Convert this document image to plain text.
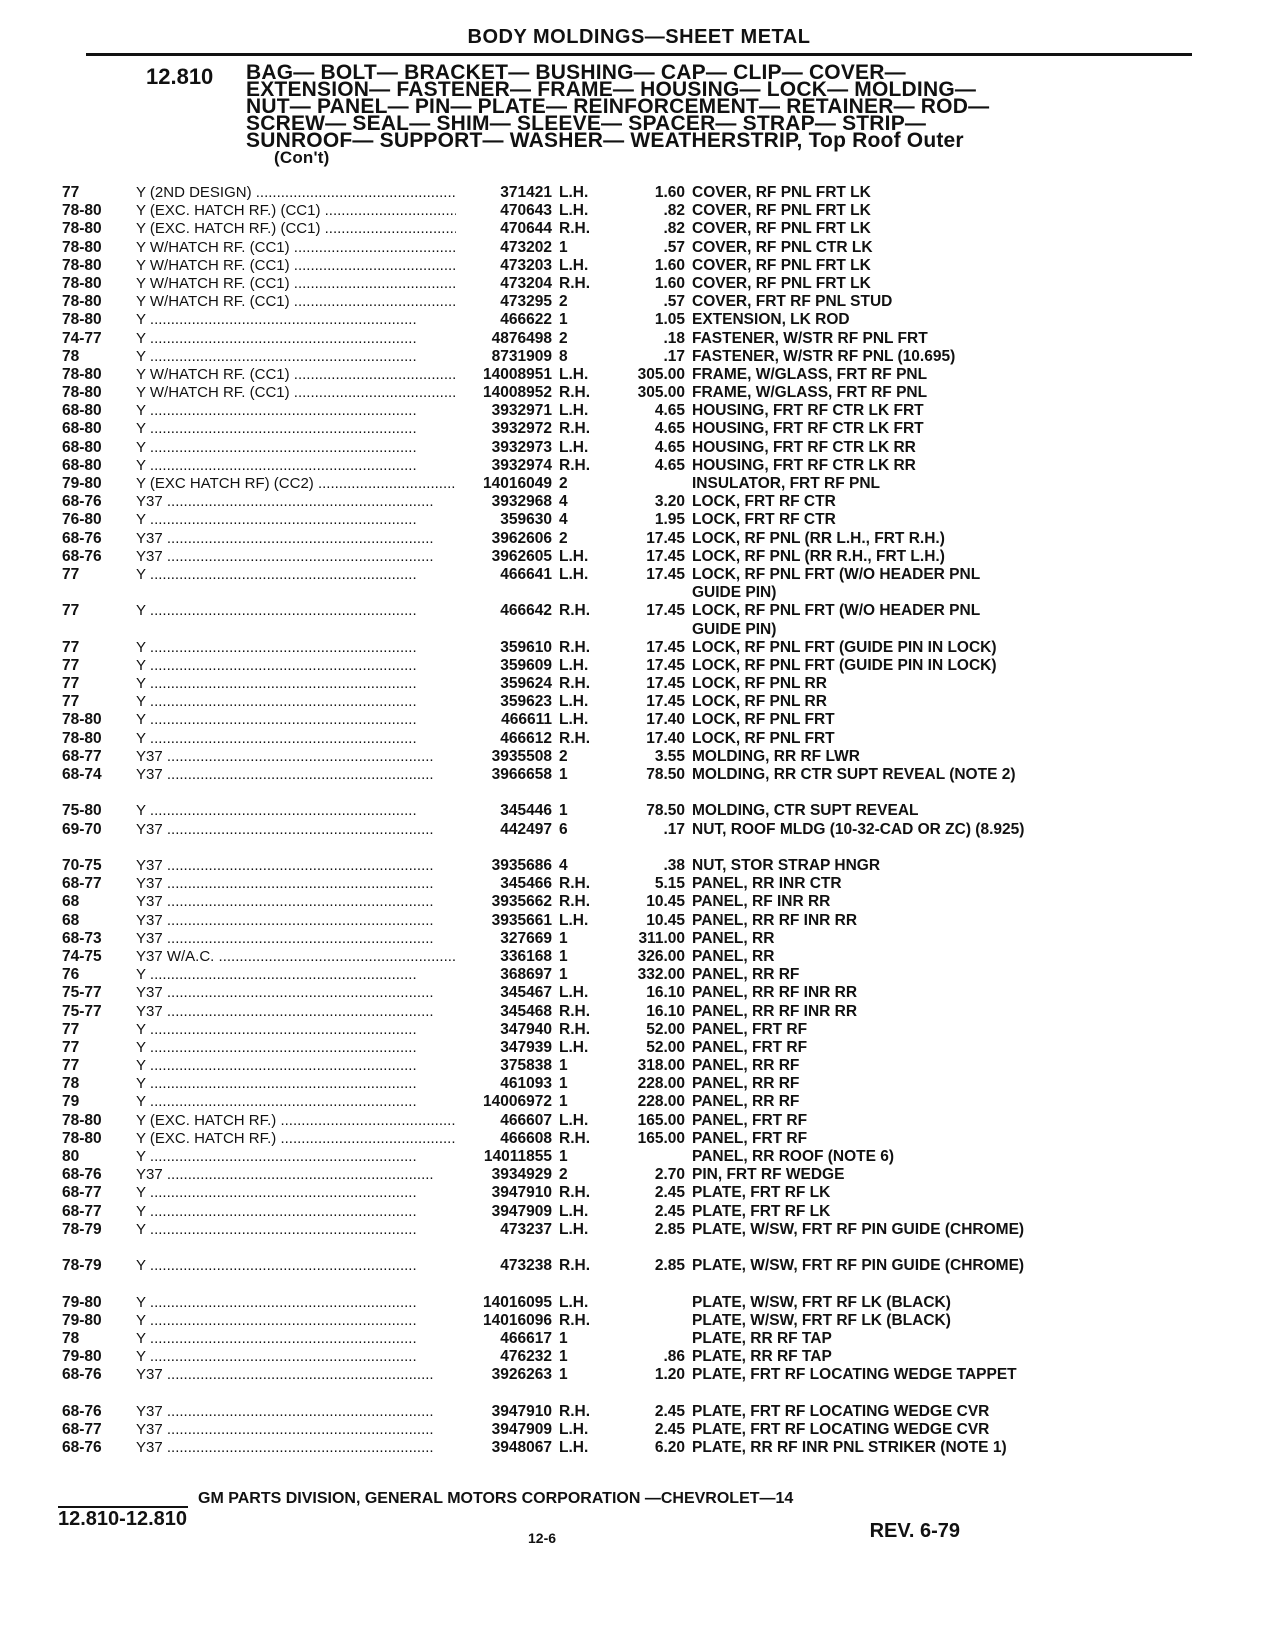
BODY MOLDINGS—SHEET METAL
12.810 BAG— BOLT— BRACKET— BUSHING— CAP— CLIP— COVER—
EXTENSION— FASTENER— FRAME— HOUSING— LOCK— MOLDING—
NUT— PANEL— PIN— PLATE— REINFORCEMENT— RETAINER— ROD—
SCREW— SEAL— SHIM— SLEEVE— SPACER— STRAP— STRIP—
SUNROOF— SUPPORT— WASHER— WEATHERSTRIP, Top Roof Outer
(Con't)
77	Y (2ND DESIGN) .....	371421 L.H.	1.60 COVER, RF PNL FRT LK
78-80	Y (EXC. HATCH RF.) (CC1) .....	470643 L.H.	.82 COVER, RF PNL FRT LK
78-80	Y (EXC. HATCH RF.) (CC1) .....	470644 R.H.	.82 COVER, RF PNL FRT LK
78-80	Y W/HATCH RF. (CC1) .....	473202 1	.57 COVER, RF PNL CTR LK
78-80	Y W/HATCH RF. (CC1) .....	473203 L.H.	1.60 COVER, RF PNL FRT LK
78-80	Y W/HATCH RF. (CC1) .....	473204 R.H.	1.60 COVER, RF PNL FRT LK
78-80	Y W/HATCH RF. (CC1) .....	473295 2	.57 COVER, FRT RF PNL STUD
78-80	Y .....	466622 1	1.05 EXTENSION, LK ROD
74-77	Y .....	4876498 2	.18 FASTENER, W/STR RF PNL FRT
78	Y .....	8731909 8	.17 FASTENER, W/STR RF PNL (10.695)
78-80	Y W/HATCH RF. (CC1) .....	14008951 L.H.	305.00 FRAME, W/GLASS, FRT RF PNL
78-80	Y W/HATCH RF. (CC1) .....	14008952 R.H.	305.00 FRAME, W/GLASS, FRT RF PNL
68-80	Y .....	3932971 L.H.	4.65 HOUSING, FRT RF CTR LK FRT
68-80	Y .....	3932972 R.H.	4.65 HOUSING, FRT RF CTR LK FRT
68-80	Y .....	3932973 L.H.	4.65 HOUSING, FRT RF CTR LK RR
68-80	Y .....	3932974 R.H.	4.65 HOUSING, FRT RF CTR LK RR
79-80	Y (EXC HATCH RF) (CC2) .....	14016049 2	INSULATOR, FRT RF PNL
68-76	Y37 .....	3932968 4	3.20 LOCK, FRT RF CTR
76-80	Y .....	359630 4	1.95 LOCK, FRT RF CTR
68-76	Y37 .....	3962606 2	17.45 LOCK, RF PNL (RR L.H., FRT R.H.)
68-76	Y37 .....	3962605 L.H.	17.45 LOCK, RF PNL (RR R.H., FRT L.H.)
77	Y .....	466641 L.H.	17.45 LOCK, RF PNL FRT (W/O HEADER PNL GUIDE PIN)
77	Y .....	466642 R.H.	17.45 LOCK, RF PNL FRT (W/O HEADER PNL GUIDE PIN)
77	Y .....	359610 R.H.	17.45 LOCK, RF PNL FRT (GUIDE PIN IN LOCK)
77	Y .....	359609 L.H.	17.45 LOCK, RF PNL FRT (GUIDE PIN IN LOCK)
77	Y .....	359624 R.H.	17.45 LOCK, RF PNL RR
77	Y .....	359623 L.H.	17.45 LOCK, RF PNL RR
78-80	Y .....	466611 L.H.	17.40 LOCK, RF PNL FRT
78-80	Y .....	466612 R.H.	17.40 LOCK, RF PNL FRT
68-77	Y37 .....	3935508 2	3.55 MOLDING, RR RF LWR
68-74	Y37 .....	3966658 1	78.50 MOLDING, RR CTR SUPT REVEAL (NOTE 2)
75-80	Y .....	345446 1	78.50 MOLDING, CTR SUPT REVEAL
69-70	Y37 .....	442497 6	.17 NUT, ROOF MLDG (10-32-CAD OR ZC) (8.925)
70-75	Y37 .....	3935686 4	.38 NUT, STOR STRAP HNGR
68-77	Y37 .....	345466 R.H.	5.15 PANEL, RR INR CTR
68	Y37 .....	3935662 R.H.	10.45 PANEL, RF INR RR
68	Y37 .....	3935661 L.H.	10.45 PANEL, RR RF INR RR
68-73	Y37 .....	327669 1	311.00 PANEL, RR
74-75	Y37 W/A.C. .....	336168 1	326.00 PANEL, RR
76	Y .....	368697 1	332.00 PANEL, RR RF
75-77	Y37 .....	345467 L.H.	16.10 PANEL, RR RF INR RR
75-77	Y37 .....	345468 R.H.	16.10 PANEL, RR RF INR RR
77	Y .....	347940 R.H.	52.00 PANEL, FRT RF
77	Y .....	347939 L.H.	52.00 PANEL, FRT RF
77	Y .....	375838 1	318.00 PANEL, RR RF
78	Y .....	461093 1	228.00 PANEL, RR RF
79	Y .....	14006972 1	228.00 PANEL, RR RF
78-80	Y (EXC. HATCH RF.) .....	466607 L.H.	165.00 PANEL, FRT RF
78-80	Y (EXC. HATCH RF.) .....	466608 R.H.	165.00 PANEL, FRT RF
80	Y .....	14011855 1	PANEL, RR ROOF (NOTE 6)
68-76	Y37 .....	3934929 2	2.70 PIN, FRT RF WEDGE
68-77	Y .....	3947910 R.H.	2.45 PLATE, FRT RF LK
68-77	Y .....	3947909 L.H.	2.45 PLATE, FRT RF LK
78-79	Y .....	473237 L.H.	2.85 PLATE, W/SW, FRT RF PIN GUIDE (CHROME)
78-79	Y .....	473238 R.H.	2.85 PLATE, W/SW, FRT RF PIN GUIDE (CHROME)
79-80	Y .....	14016095 L.H.	PLATE, W/SW, FRT RF LK (BLACK)
79-80	Y .....	14016096 R.H.	PLATE, W/SW, FRT RF LK (BLACK)
78	Y .....	466617 1	PLATE, RR RF TAP
79-80	Y .....	476232 1	.86 PLATE, RR RF TAP
68-76	Y37 .....	3926263 1	1.20 PLATE, FRT RF LOCATING WEDGE TAPPET
68-76	Y37 .....	3947910 R.H.	2.45 PLATE, FRT RF LOCATING WEDGE CVR
68-77	Y37 .....	3947909 L.H.	2.45 PLATE, FRT RF LOCATING WEDGE CVR
68-76	Y37 .....	3948067 L.H.	6.20 PLATE, RR RF INR PNL STRIKER (NOTE 1)
GM PARTS DIVISION, GENERAL MOTORS CORPORATION —CHEVROLET—14
12.810-12.810
12-6	REV. 6-79
